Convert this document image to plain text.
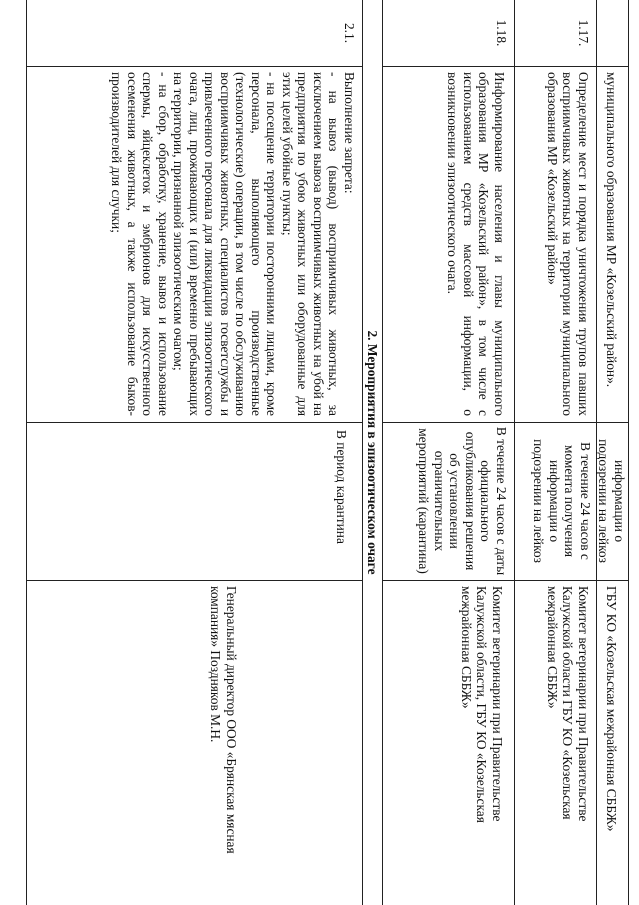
муниципального образования МР «Козельский район».
информации о подозрении на лейкоз
ГБУ КО «Козельская межрайонная СББЖ»
1.17.
Определение мест и порядка уничтожения трупов павших восприимчивых животных на территории муниципального образования МР «Козельский район»
В течение 24 часов с момента получения информации о подозрении на лейкоз
Комитет ветеринарии при Правительстве Калужской области ГБУ КО «Козельская межрайонная СББЖ»
1.18.
Информирование населения и главы муниципального образования МР «Козельский район», в том числе с использованием средств массовой информации, о возникновении эпизоотического очага.
В течение 24 часов с даты официального опубликования решения об установлении ограничительных мероприятий (карантина)
Комитет ветеринарии при Правительстве Калужской области, ГБУ КО «Козельская межрайонная СББЖ»
2. Мероприятия в эпизоотическом очаге
2.1.
Выполнение запрета:
- на вывоз (вывод) восприимчивых животных, за исключением вывоза восприимчивых животных на убой на предприятия по убою животных или оборудованные для этих целей убойные пункты;
- на посещение территории посторонними лицами, кроме персонала, выполняющего производственные (технологические) операции, в том числе по обслуживанию восприимчивых животных, специалистов госветслужбы и привлеченного персонала для ликвидации эпизоотического очага, лиц, проживающих и (или) временно пребывающих на территории, признанной эпизоотическим очагом;
- на сбор, обработку, хранение, вывоз и использование спермы, яйцеклеток и эмбрионов для искусственного осеменения животных, а также использование быков-производителей для случки;
В период карантина
Генеральный директор ООО «Брянская мясная компания» Поздняков М.Н.
